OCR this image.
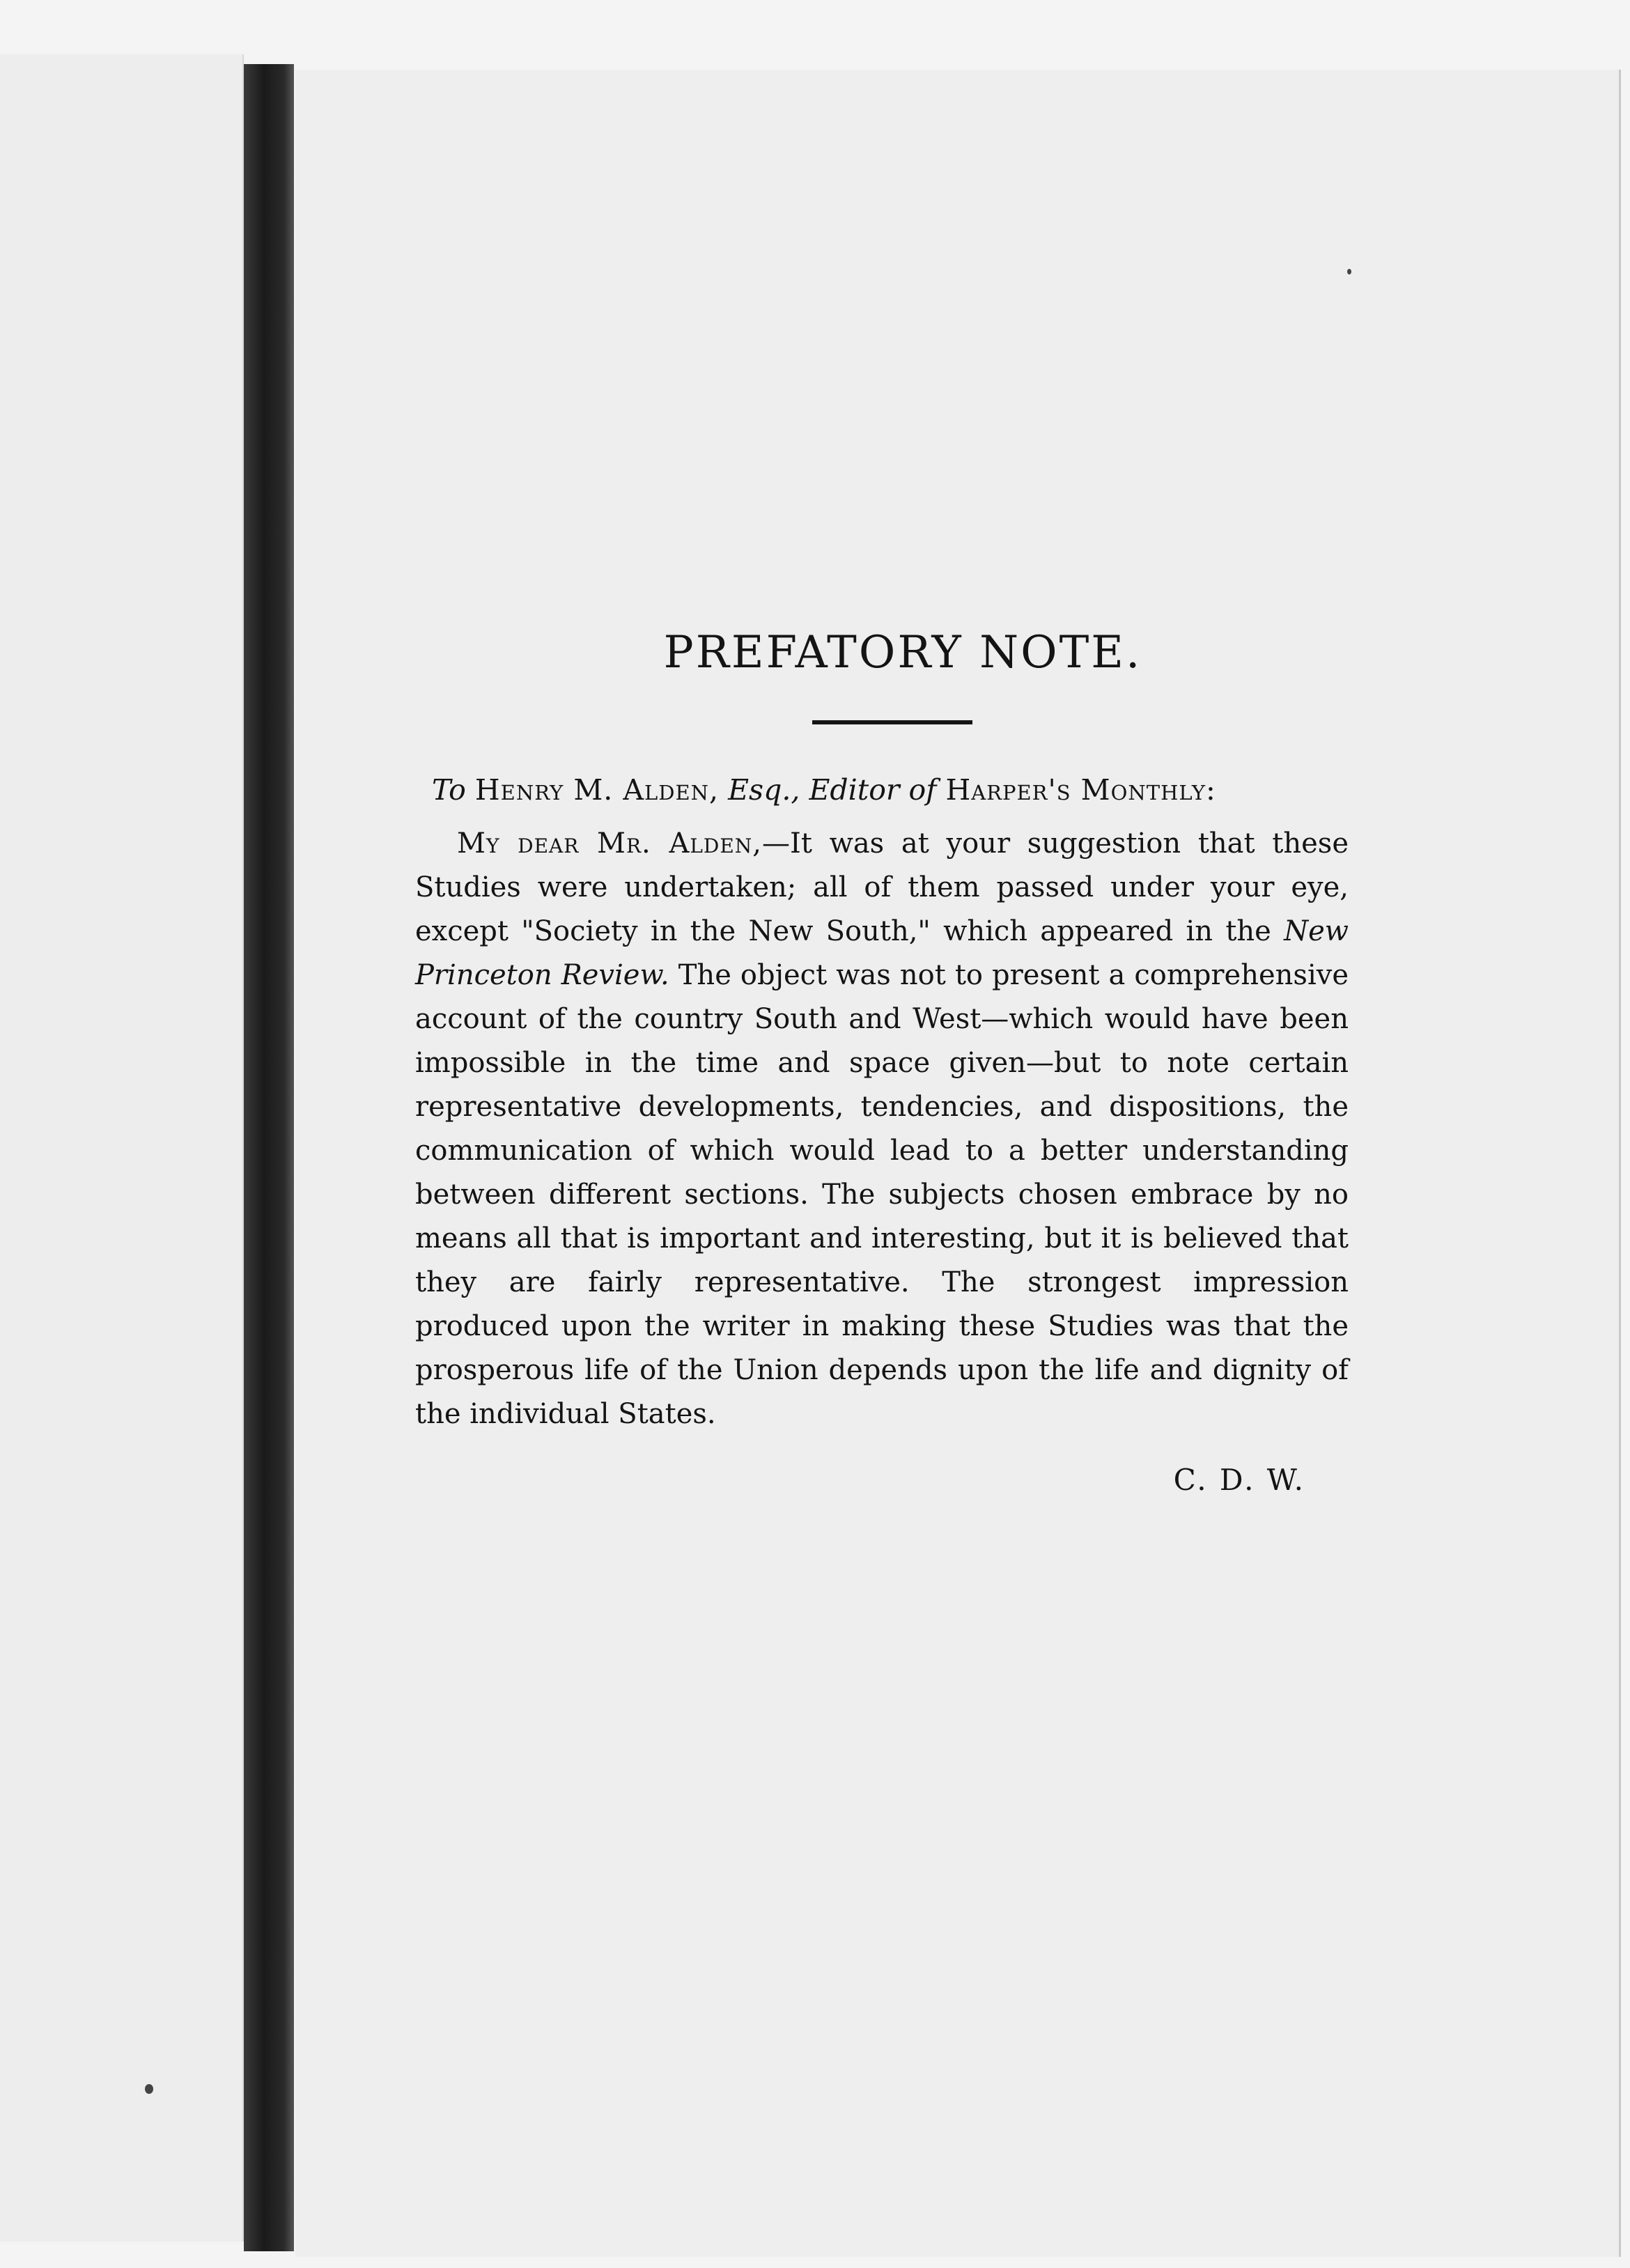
PREFATORY NOTE.
To Henry M. Alden, Esq., Editor of Harper's Monthly:

My dear Mr. Alden,—It was at your suggestion that these Studies were undertaken; all of them passed under your eye, except "Society in the New South," which appeared in the New Princeton Review. The object was not to present a comprehensive account of the country South and West—which would have been impossible in the time and space given—but to note certain representative developments, tendencies, and dispositions, the communication of which would lead to a better understanding between different sections. The subjects chosen embrace by no means all that is important and interesting, but it is believed that they are fairly representative. The strongest impression produced upon the writer in making these Studies was that the prosperous life of the Union depends upon the life and dignity of the individual States.

C. D. W.
